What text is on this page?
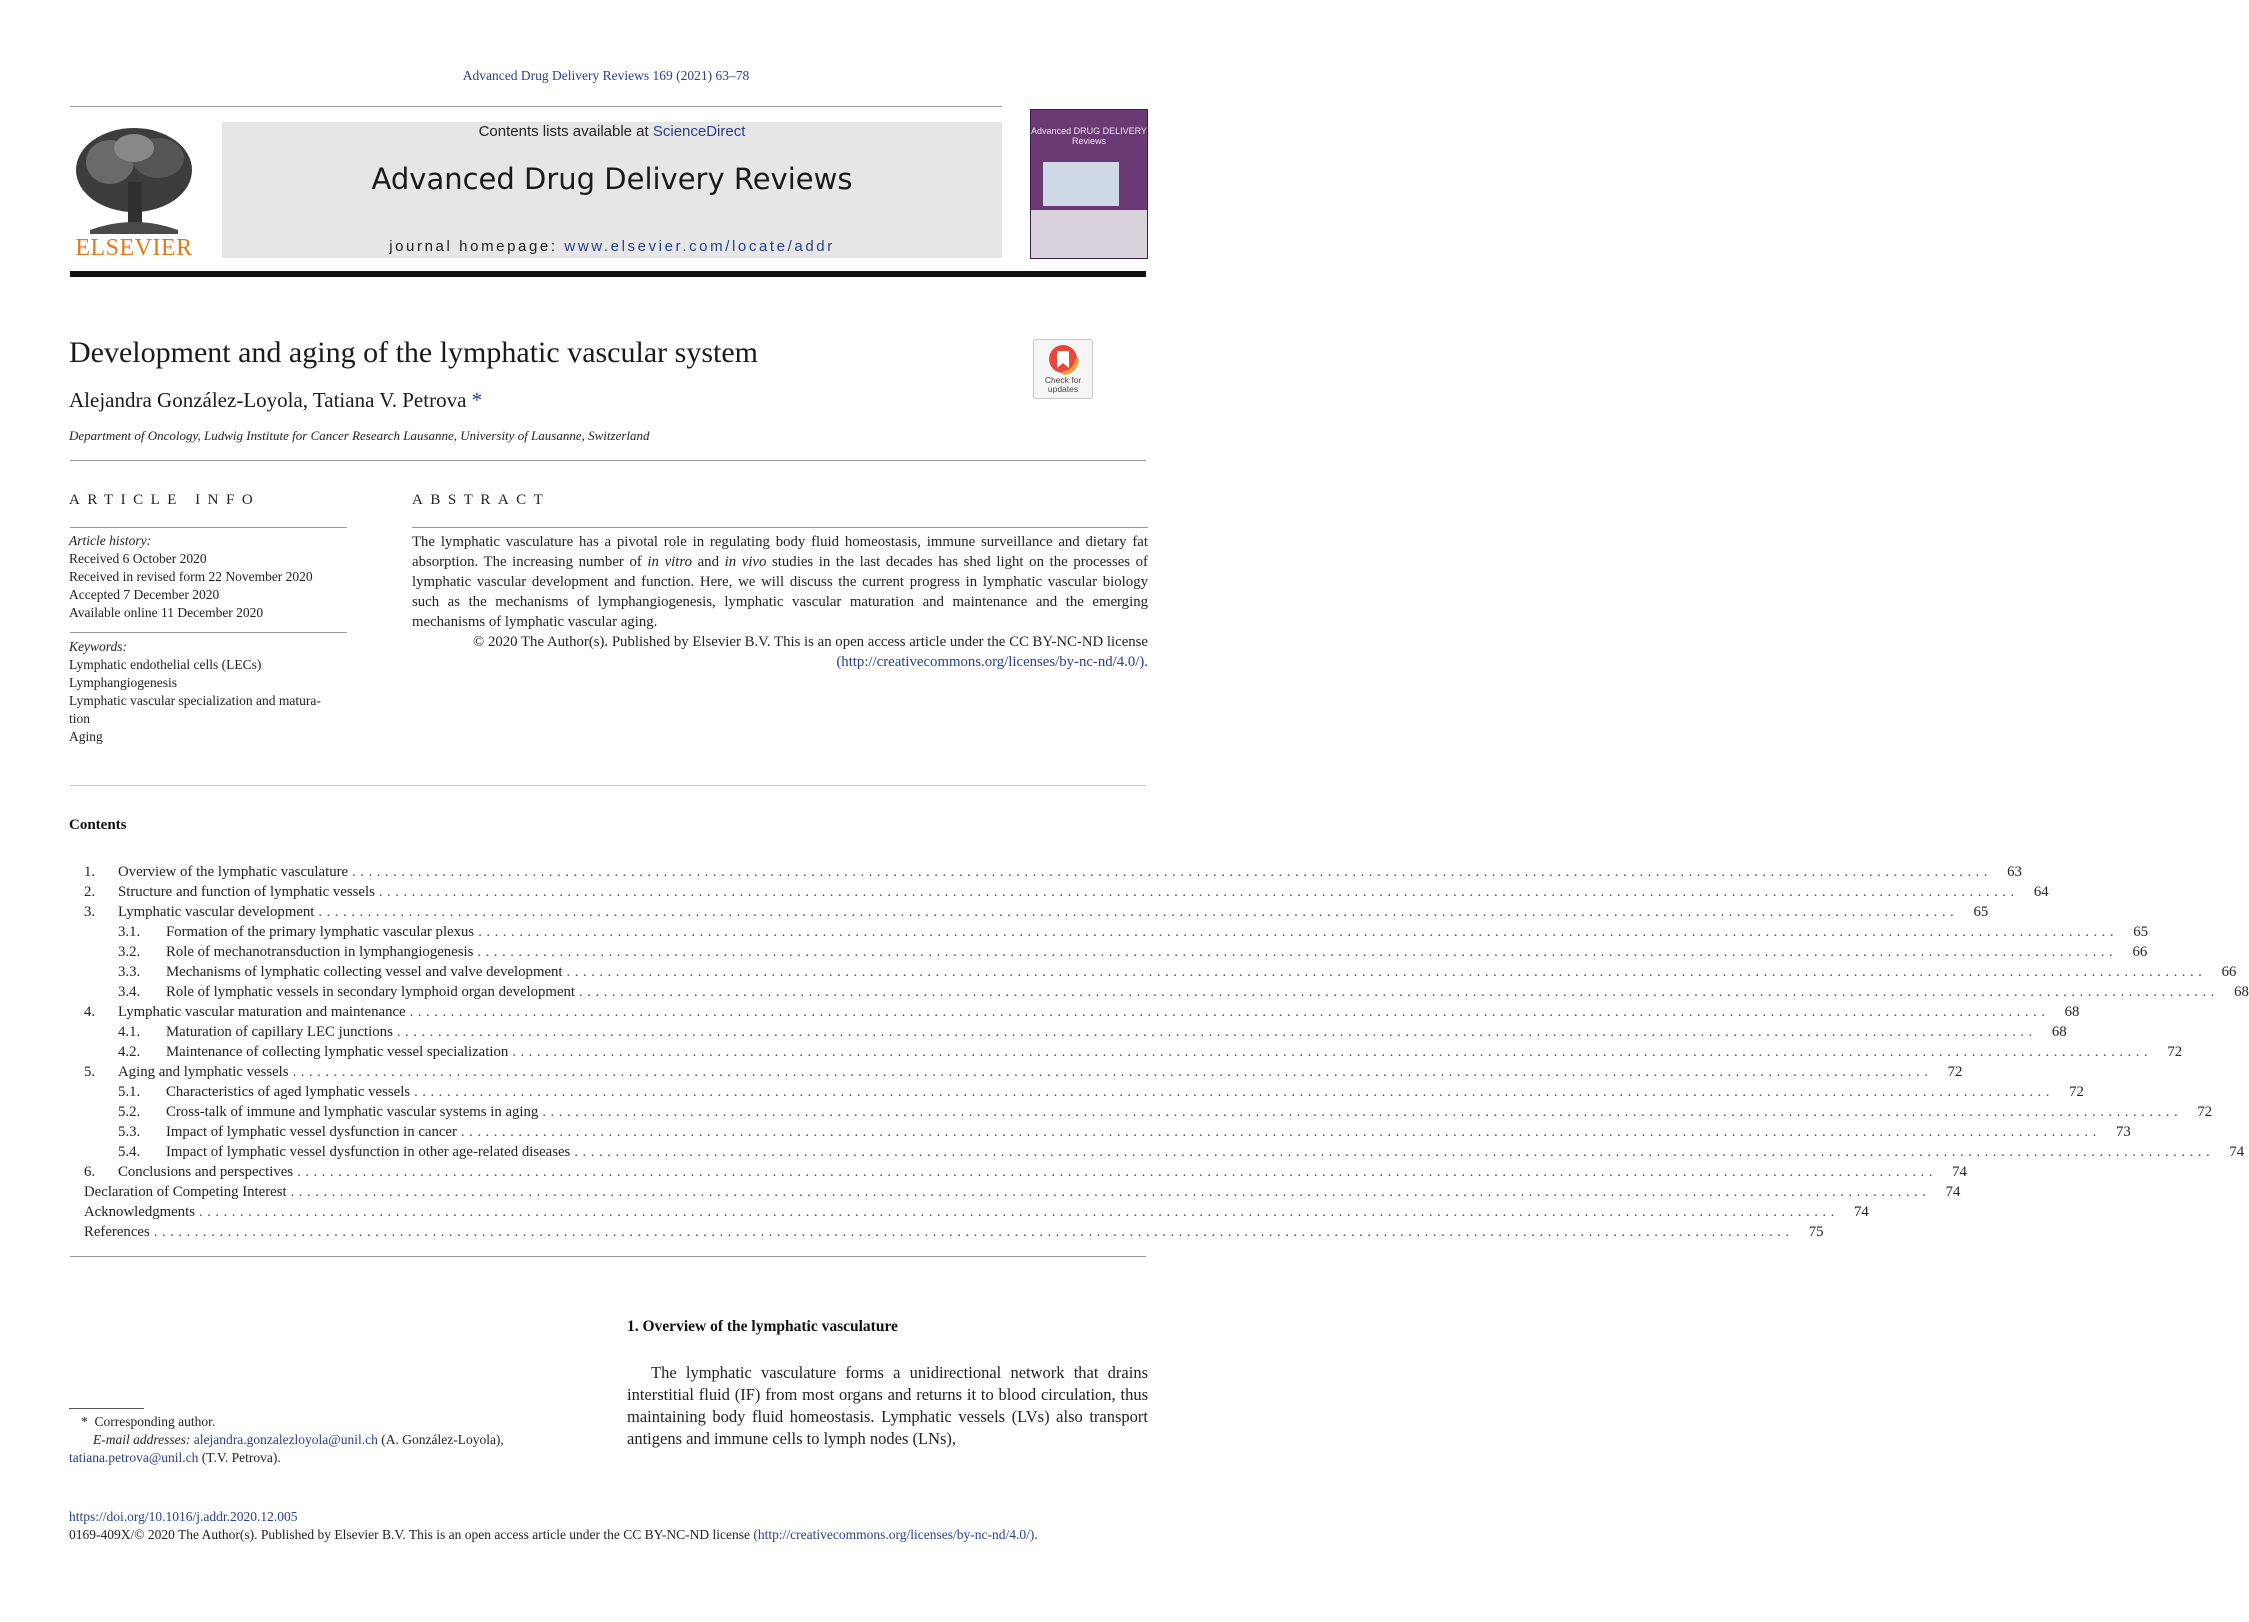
Advanced Drug Delivery Reviews 169 (2021) 63–78
ELSEVIER
Contents lists available at ScienceDirect
Advanced Drug Delivery Reviews
journal homepage: www.elsevier.com/locate/addr
Advanced DRUG DELIVERY Reviews
Development and aging of the lymphatic vascular system
Alejandra González-Loyola, Tatiana V. Petrova *
Department of Oncology, Ludwig Institute for Cancer Research Lausanne, University of Lausanne, Switzerland
Check for updates
ARTICLE INFO
Article history:
Received 6 October 2020
Received in revised form 22 November 2020
Accepted 7 December 2020
Available online 11 December 2020
Keywords:
Lymphatic endothelial cells (LECs)
Lymphangiogenesis
Lymphatic vascular specialization and matura-
tion
Aging
ABSTRACT
The lymphatic vasculature has a pivotal role in regulating body fluid homeostasis, immune surveillance and dietary fat absorption. The increasing number of in vitro and in vivo studies in the last decades has shed light on the processes of lymphatic vascular development and function. Here, we will discuss the current progress in lymphatic vascular biology such as the mechanisms of lymphangiogenesis, lymphatic vascular maturation and maintenance and the emerging mechanisms of lymphatic vascular aging.
© 2020 The Author(s). Published by Elsevier B.V. This is an open access article under the CC BY-NC-ND license
(http://creativecommons.org/licenses/by-nc-nd/4.0/).
Contents
1.	Overview of the lymphatic vasculature ........................................................................................................................................................................................................	63
2.	Structure and function of lymphatic vessels ........................................................................................................................................................................................................	64
3.	Lymphatic vascular development ........................................................................................................................................................................................................	65
3.1.	Formation of the primary lymphatic vascular plexus ........................................................................................................................................................................................................	65
3.2.	Role of mechanotransduction in lymphangiogenesis ........................................................................................................................................................................................................	66
3.3.	Mechanisms of lymphatic collecting vessel and valve development ........................................................................................................................................................................................................	66
3.4.	Role of lymphatic vessels in secondary lymphoid organ development ........................................................................................................................................................................................................	68
4.	Lymphatic vascular maturation and maintenance ........................................................................................................................................................................................................	68
4.1.	Maturation of capillary LEC junctions ........................................................................................................................................................................................................	68
4.2.	Maintenance of collecting lymphatic vessel specialization ........................................................................................................................................................................................................	72
5.	Aging and lymphatic vessels ........................................................................................................................................................................................................	72
5.1.	Characteristics of aged lymphatic vessels ........................................................................................................................................................................................................	72
5.2.	Cross-talk of immune and lymphatic vascular systems in aging ........................................................................................................................................................................................................	72
5.3.	Impact of lymphatic vessel dysfunction in cancer ........................................................................................................................................................................................................	73
5.4.	Impact of lymphatic vessel dysfunction in other age-related diseases ........................................................................................................................................................................................................	74
6.	Conclusions and perspectives ........................................................................................................................................................................................................	74
Declaration of Competing Interest ........................................................................................................................................................................................................	74
Acknowledgments ........................................................................................................................................................................................................	74
References ........................................................................................................................................................................................................	75
1. Overview of the lymphatic vasculature
The lymphatic vasculature forms a unidirectional network that drains interstitial fluid (IF) from most organs and returns it to blood circulation, thus maintaining body fluid homeostasis. Lymphatic vessels (LVs) also transport antigens and immune cells to lymph nodes (LNs),
* Corresponding author.
E-mail addresses: alejandra.gonzalezloyola@unil.ch (A. González-Loyola),
tatiana.petrova@unil.ch (T.V. Petrova).
https://doi.org/10.1016/j.addr.2020.12.005
0169-409X/© 2020 The Author(s). Published by Elsevier B.V. This is an open access article under the CC BY-NC-ND license (http://creativecommons.org/licenses/by-nc-nd/4.0/).
